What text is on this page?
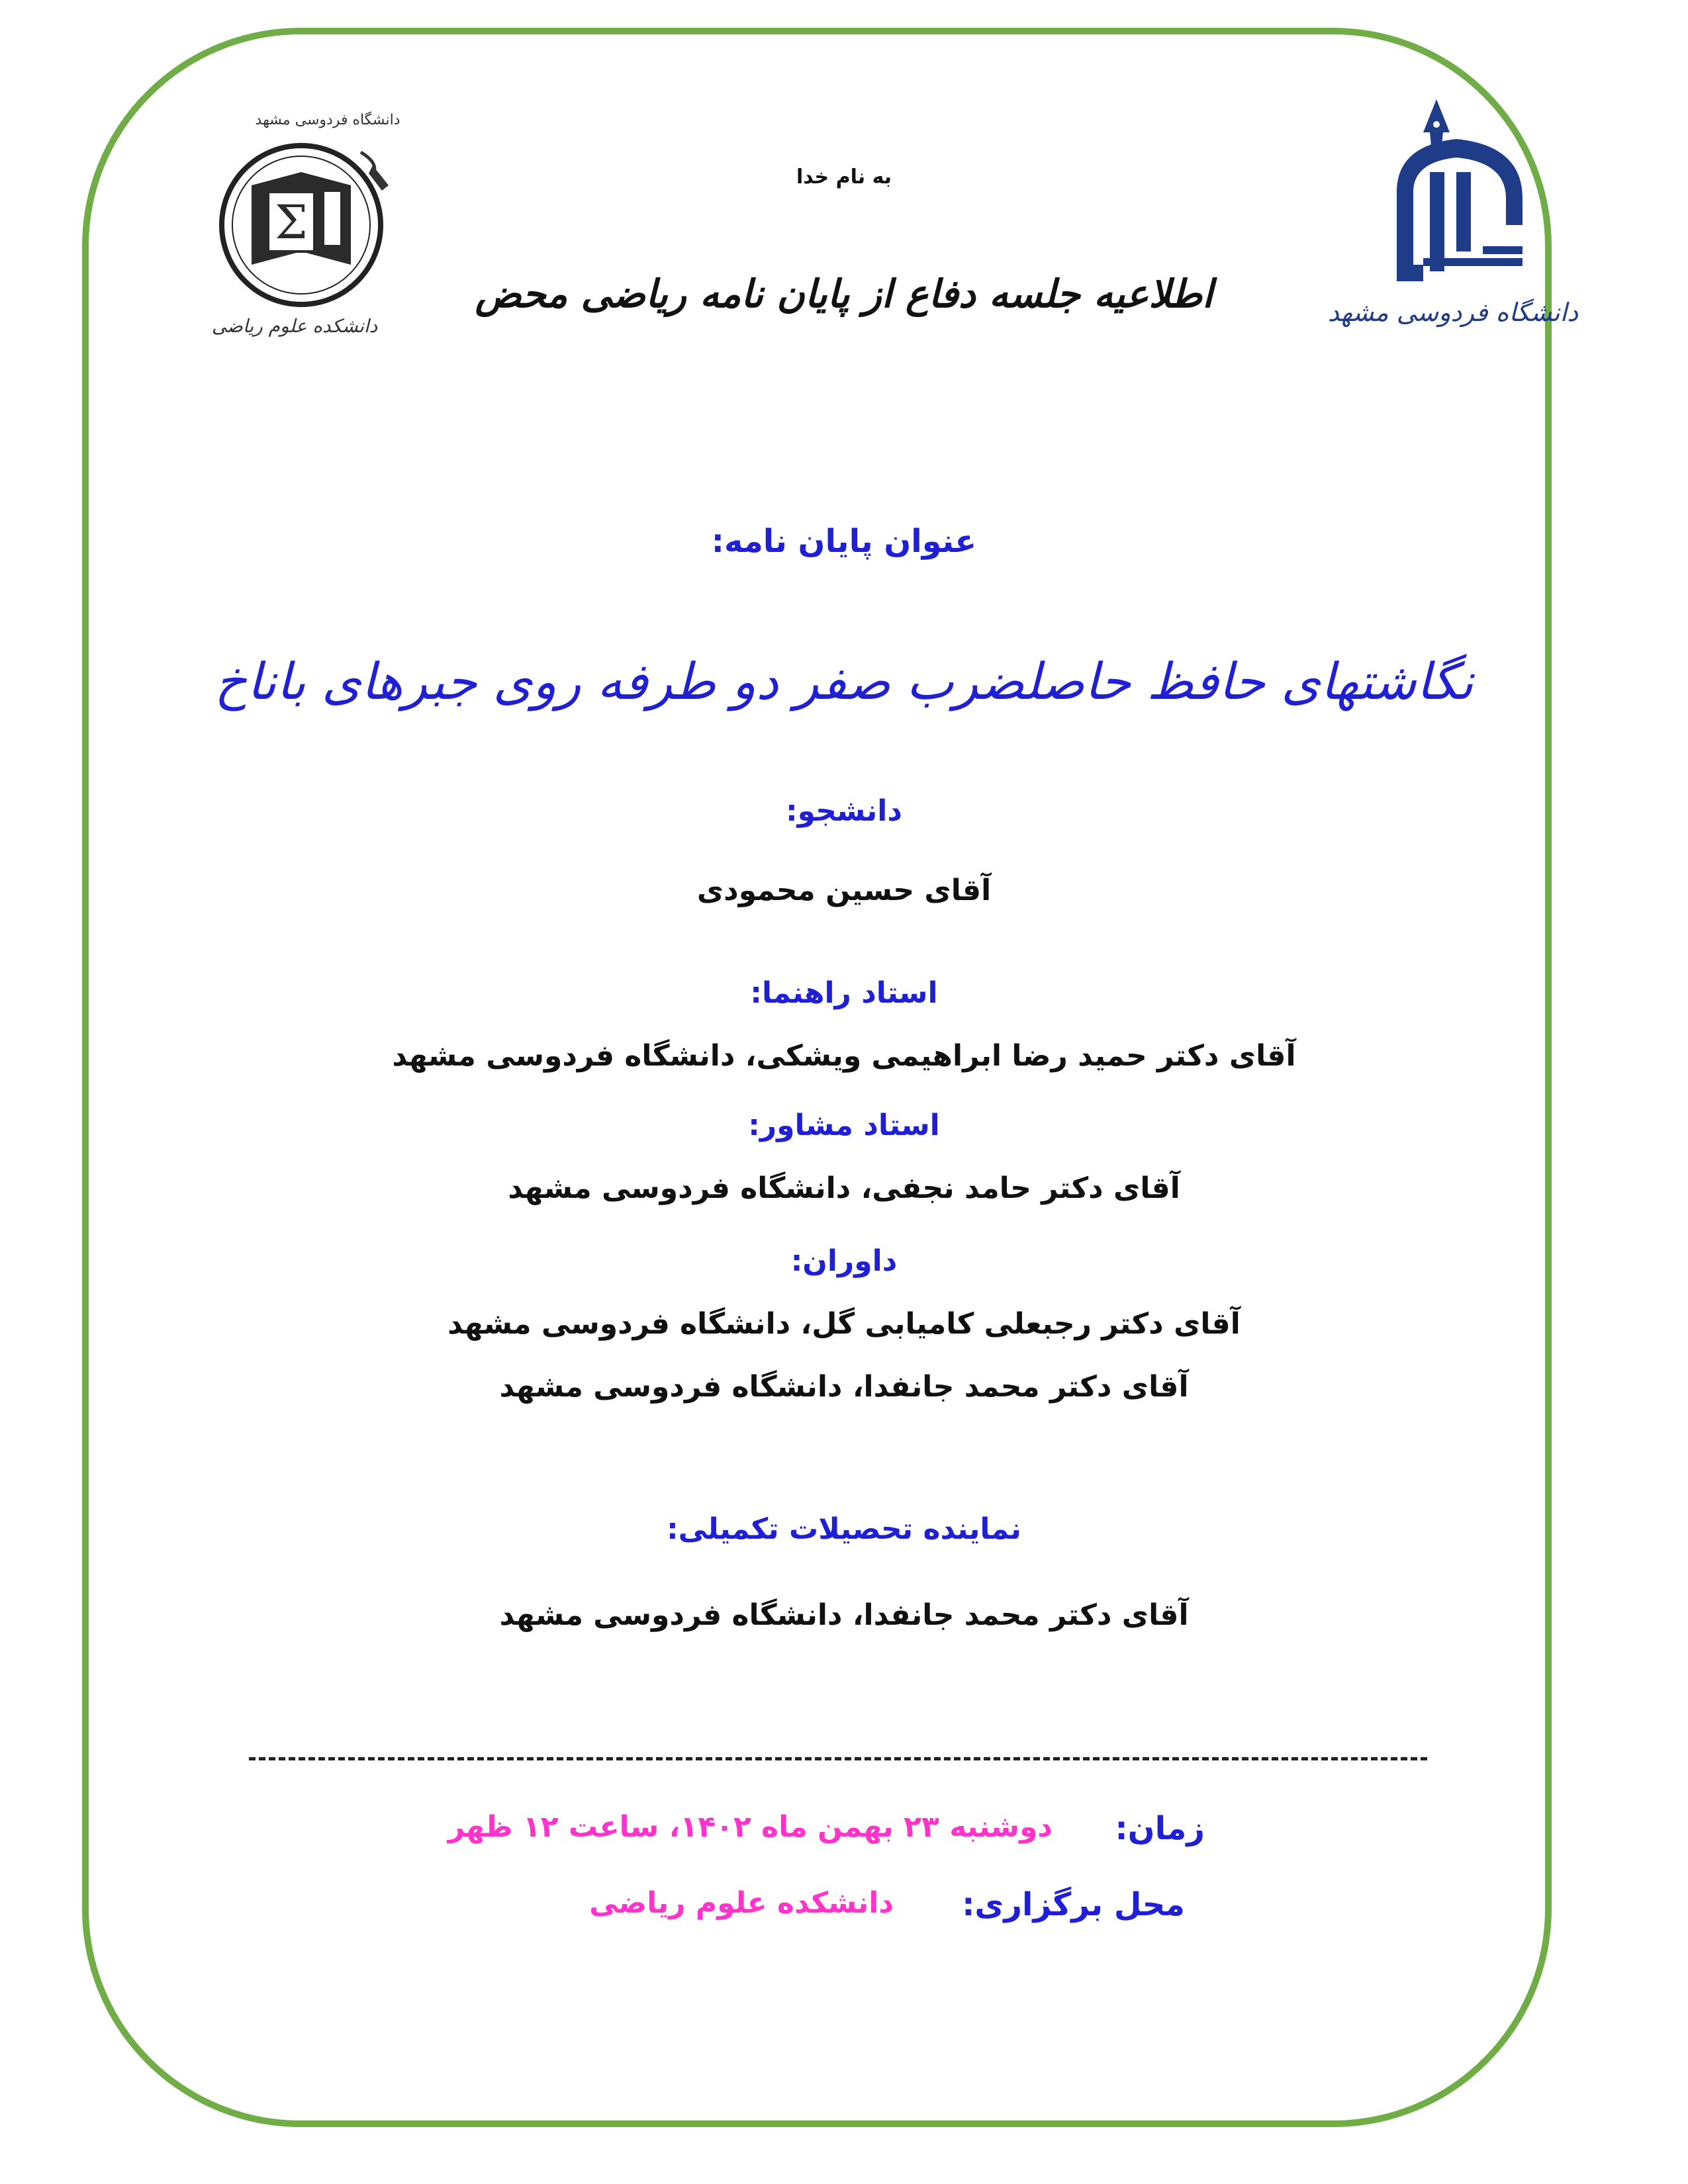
دانشگاه فردوسی مشهد
Σ
دانشگاه فردوسی مشهد
دانشکده علوم ریاضی
به نام خدا
اطلاعیه جلسه دفاع از پایان نامه ریاضی محض
عنوان پایان نامه:
نگاشتهای حافظ حاصلضرب صفر دو طرفه روی جبرهای باناخ
دانشجو:
آقای حسین محمودی
استاد راهنما:
آقای دکتر حمید رضا ابراهیمی ویشکی، دانشگاه فردوسی مشهد
استاد مشاور:
آقای دکتر حامد نجفی، دانشگاه فردوسی مشهد
داوران:
آقای دکتر رجبعلی کامیابی گل، دانشگاه فردوسی مشهد
آقای دکتر محمد جانفدا، دانشگاه فردوسی مشهد
نماینده تحصیلات تکمیلی:
آقای دکتر محمد جانفدا، دانشگاه فردوسی مشهد
زمان:
دوشنبه ۲۳ بهمن ماه ۱۴۰۲، ساعت ۱۲ ظهر
محل برگزاری:
دانشکده علوم ریاضی
